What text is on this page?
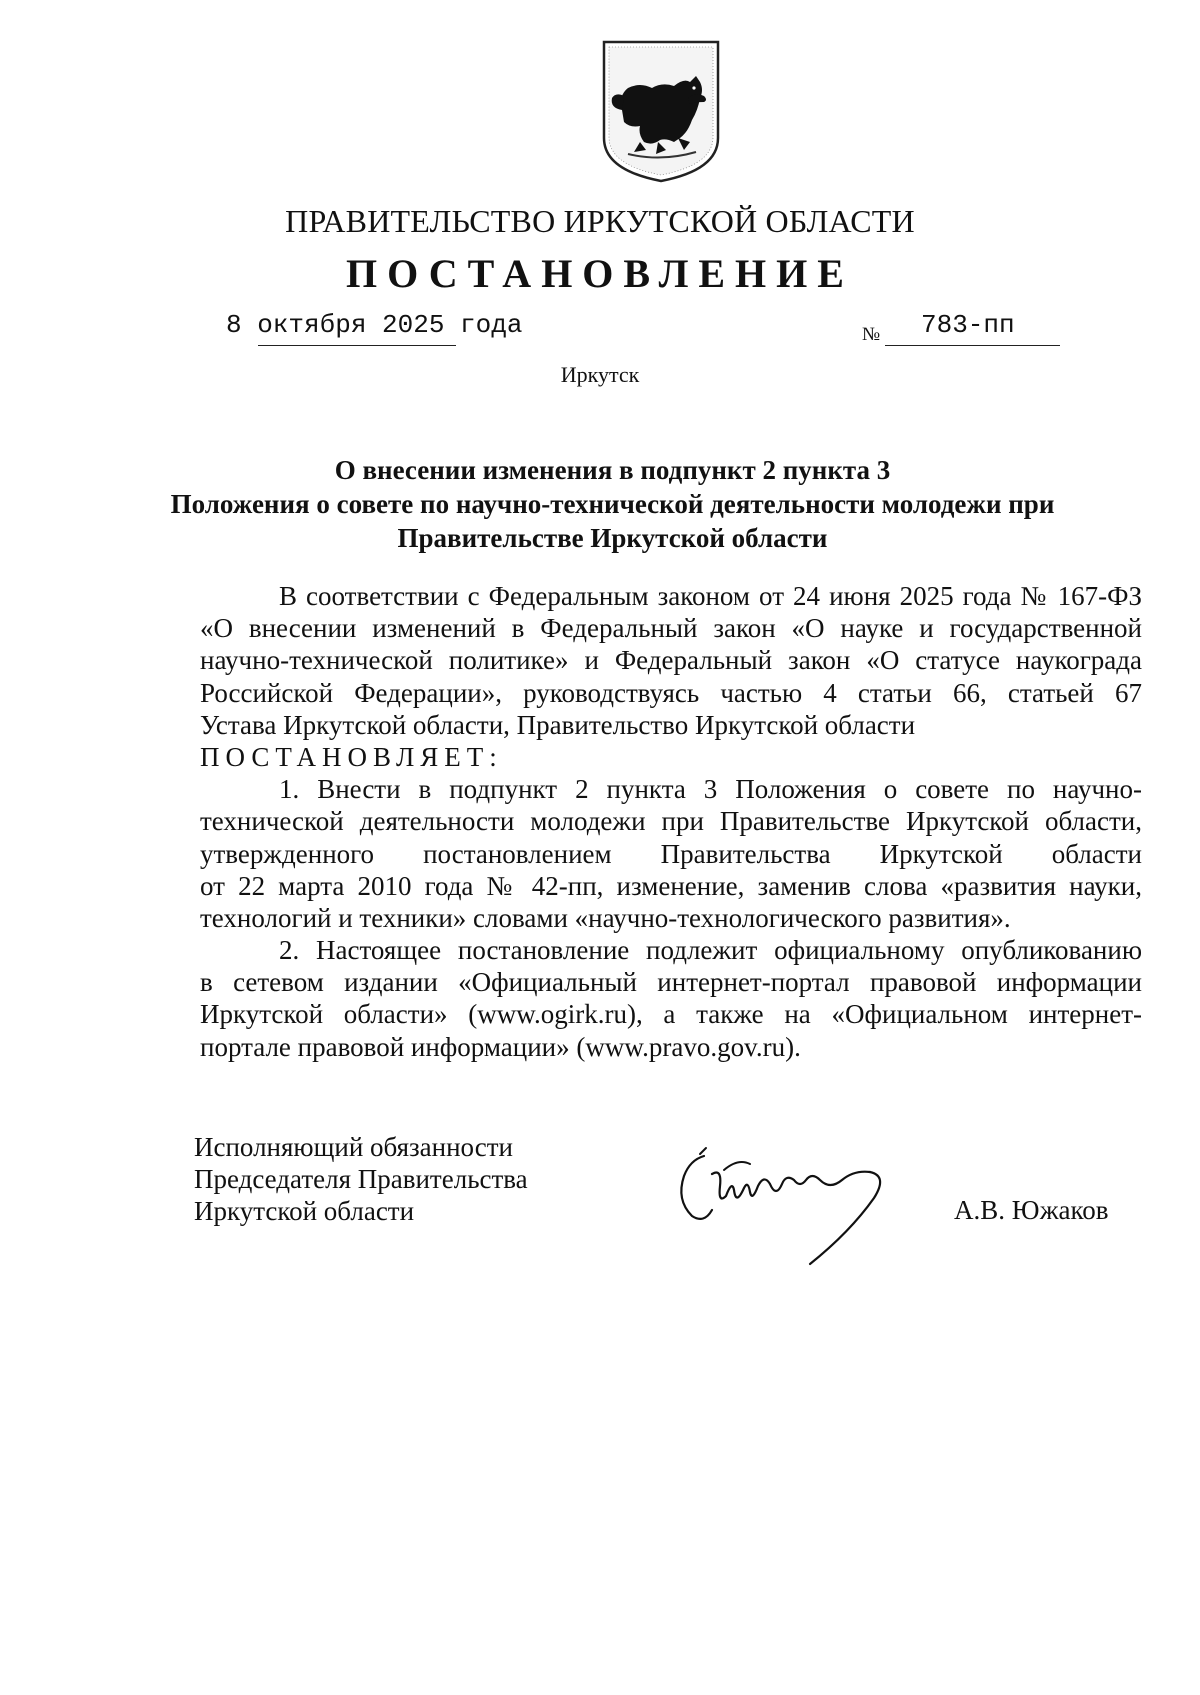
ПРАВИТЕЛЬСТВО ИРКУТСКОЙ ОБЛАСТИ
ПОСТАНОВЛЕНИЕ
8 октября 2025 года	№ 783-пп
Иркутск
О внесении изменения в подпункт 2 пункта 3
Положения о совете по научно-технической деятельности молодежи при
Правительстве Иркутской области
В соответствии с Федеральным законом от 24 июня 2025 года № 167-ФЗ
«О внесении изменений в Федеральный закон «О науке и государственной
научно-технической политике» и Федеральный закон «О статусе наукограда
Российской Федерации», руководствуясь частью 4 статьи 66, статьей 67
Устава Иркутской области, Правительство Иркутской области
ПОСТАНОВЛЯЕТ:
1. Внести в подпункт 2 пункта 3 Положения о совете по научно-
технической деятельности молодежи при Правительстве Иркутской области,
утвержденного постановлением Правительства Иркутской области
от 22 марта 2010 года № 42-пп, изменение, заменив слова «развития науки,
технологий и техники» словами «научно-технологического развития».
2. Настоящее постановление подлежит официальному опубликованию
в сетевом издании «Официальный интернет-портал правовой информации
Иркутской области» (www.ogirk.ru), а также на «Официальном интернет-
портале правовой информации» (www.pravo.gov.ru).
Исполняющий обязанности
Председателя Правительства
Иркутской области	А.В. Южаков
